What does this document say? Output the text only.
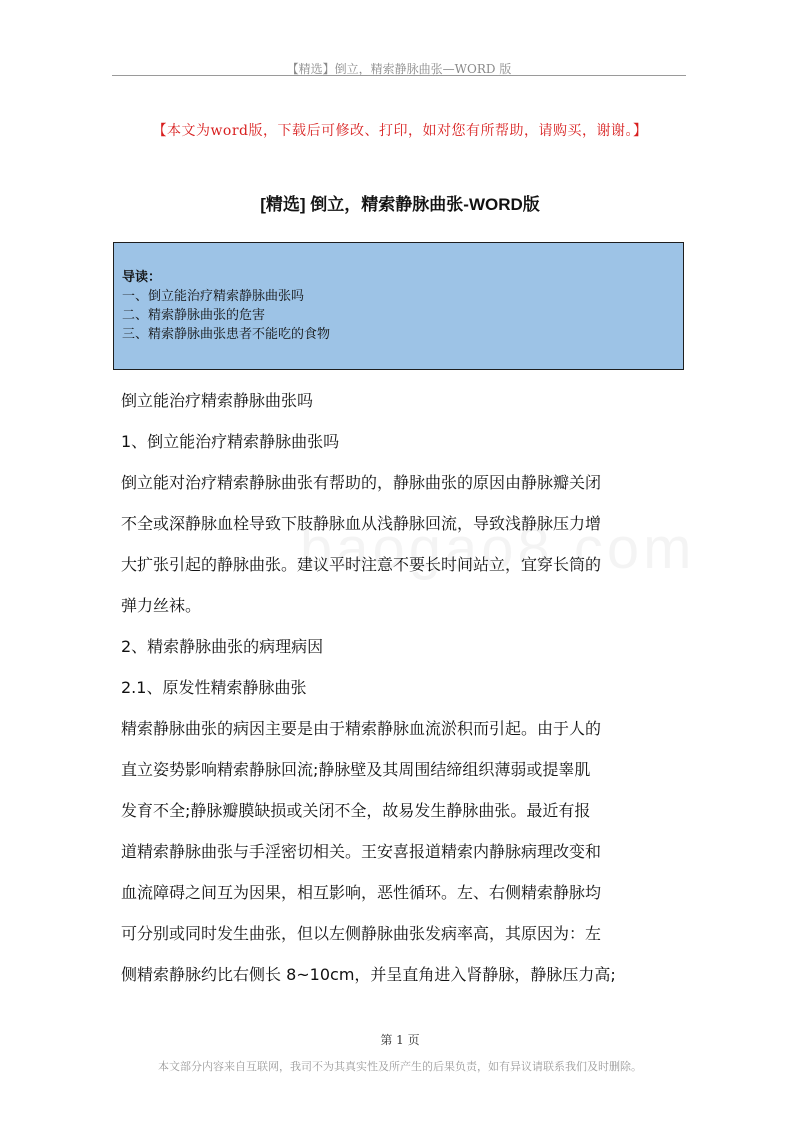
【精选】倒立，精索静脉曲张—WORD 版
【本文为word版，下载后可修改、打印，如对您有所帮助，请购买，谢谢。】
[精选] 倒立，精索静脉曲张-WORD版
导读：
一、倒立能治疗精索静脉曲张吗
二、精索静脉曲张的危害
三、精索静脉曲张患者不能吃的食物

倒立能治疗精索静脉曲张吗

1、倒立能治疗精索静脉曲张吗

倒立能对治疗精索静脉曲张有帮助的，静脉曲张的原因由静脉瓣关闭

不全或深静脉血栓导致下肢静脉血从浅静脉回流，导致浅静脉压力增

大扩张引起的静脉曲张。建议平时注意不要长时间站立，宜穿长筒的

弹力丝袜。

2、精索静脉曲张的病理病因

2.1、原发性精索静脉曲张

精索静脉曲张的病因主要是由于精索静脉血流淤积而引起。由于人的

直立姿势影响精索静脉回流;静脉壁及其周围结缔组织薄弱或提睾肌

发育不全;静脉瓣膜缺损或关闭不全，故易发生静脉曲张。最近有报

道精索静脉曲张与手淫密切相关。王安喜报道精索内静脉病理改变和

血流障碍之间互为因果，相互影响，恶性循环。左、右侧精索静脉均

可分别或同时发生曲张，但以左侧静脉曲张发病率高，其原因为：左

侧精索静脉约比右侧长 8~10cm，并呈直角进入肾静脉，静脉压力高;

第 1 页
本文部分内容来自互联网，我司不为其真实性及所产生的后果负责，如有异议请联系我们及时删除。
